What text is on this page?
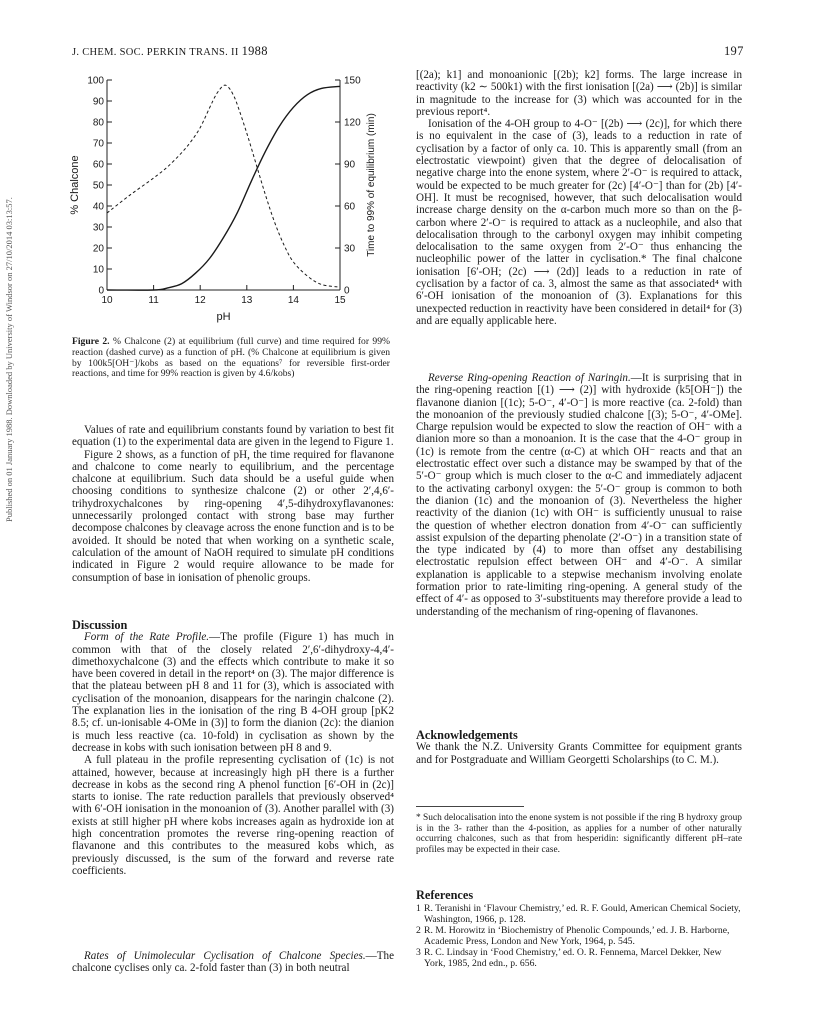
J. CHEM. SOC. PERKIN TRANS. II 1988	197
Published on 01 January 1988. Downloaded by University of Windsor on 27/10/2014 03:13:57.	0
10
20
30
40
50
60
70
80
90
100
0
30
60
90
120
150
10	11	12	13	14	15
% Chalcone	Time to 99% of equilibrium (min)
pH
Figure 2. % Chalcone (2) at equilibrium (full curve) and time required for 99% reaction (dashed curve) as a function of pH. (% Chalcone at equilibrium is given by 100k5[OH⁻]/kobs as based on the equations⁷ for reversible first-order reactions, and time for 99% reaction is given by 4.6/kobs)

Values of rate and equilibrium constants found by variation to best fit equation (1) to the experimental data are given in the legend to Figure 1.

Figure 2 shows, as a function of pH, the time required for flavanone and chalcone to come nearly to equilibrium, and the percentage chalcone at equilibrium. Such data should be a useful guide when choosing conditions to synthesize chalcone (2) or other 2′,4,6′-trihydroxychalcones by ring-opening 4′,5-dihydroxyflavanones: unnecessarily prolonged contact with strong base may further decompose chalcones by cleavage across the enone function and is to be avoided. It should be noted that when working on a synthetic scale, calculation of the amount of NaOH required to simulate pH conditions indicated in Figure 2 would require allowance to be made for consumption of base in ionisation of phenolic groups.

Discussion

Form of the Rate Profile.—The profile (Figure 1) has much in common with that of the closely related 2′,6′-dihydroxy-4,4′-dimethoxychalcone (3) and the effects which contribute to make it so have been covered in detail in the report⁴ on (3). The major difference is that the plateau between pH 8 and 11 for (3), which is associated with cyclisation of the monoanion, disappears for the naringin chalcone (2). The explanation lies in the ionisation of the ring B 4-OH group [pK2 8.5; cf. un-ionisable 4-OMe in (3)] to form the dianion (2c): the dianion is much less reactive (ca. 10-fold) in cyclisation as shown by the decrease in kobs with such ionisation between pH 8 and 9.

A full plateau in the profile representing cyclisation of (1c) is not attained, however, because at increasingly high pH there is a further decrease in kobs as the second ring A phenol function [6′-OH in (2c)] starts to ionise. The rate reduction parallels that previously observed⁴ with 6′-OH ionisation in the monoanion of (3). Another parallel with (3) exists at still higher pH where kobs increases again as hydroxide ion at high concentration promotes the reverse ring-opening reaction of flavanone and this contributes to the measured kobs which, as previously discussed, is the sum of the forward and reverse rate coefficients.

Rates of Unimolecular Cyclisation of Chalcone Species.—The chalcone cyclises only ca. 2-fold faster than (3) in both neutral

[(2a); k1] and monoanionic [(2b); k2] forms. The large increase in reactivity (k2 ∼ 500k1) with the first ionisation [(2a) ⟶ (2b)] is similar in magnitude to the increase for (3) which was accounted for in the previous report⁴.

Ionisation of the 4-OH group to 4-O⁻ [(2b) ⟶ (2c)], for which there is no equivalent in the case of (3), leads to a reduction in rate of cyclisation by a factor of only ca. 10. This is apparently small (from an electrostatic viewpoint) given that the degree of delocalisation of negative charge into the enone system, where 2′-O⁻ is required to attack, would be expected to be much greater for (2c) [4′-O⁻] than for (2b) [4′-OH]. It must be recognised, however, that such delocalisation would increase charge density on the α-carbon much more so than on the β-carbon where 2′-O⁻ is required to attack as a nucleophile, and also that delocalisation through to the carbonyl oxygen may inhibit competing delocalisation to the same oxygen from 2′-O⁻ thus enhancing the nucleophilic power of the latter in cyclisation.* The final chalcone ionisation [6′-OH; (2c) ⟶ (2d)] leads to a reduction in rate of cyclisation by a factor of ca. 3, almost the same as that associated⁴ with 6′-OH ionisation of the monoanion of (3). Explanations for this unexpected reduction in reactivity have been considered in detail⁴ for (3) and are equally applicable here.

Reverse Ring-opening Reaction of Naringin.—It is surprising that in the ring-opening reaction [(1) ⟶ (2)] with hydroxide (k5[OH⁻]) the flavanone dianion [(1c); 5-O⁻, 4′-O⁻] is more reactive (ca. 2-fold) than the monoanion of the previously studied chalcone [(3); 5-O⁻, 4′-OMe]. Charge repulsion would be expected to slow the reaction of OH⁻ with a dianion more so than a monoanion. It is the case that the 4-O⁻ group in (1c) is remote from the centre (α-C) at which OH⁻ reacts and that an electrostatic effect over such a distance may be swamped by that of the 5′-O⁻ group which is much closer to the α-C and immediately adjacent to the activating carbonyl oxygen: the 5′-O⁻ group is common to both the dianion (1c) and the monoanion of (3). Nevertheless the higher reactivity of the dianion (1c) with OH⁻ is sufficiently unusual to raise the question of whether electron donation from 4′-O⁻ can sufficiently assist expulsion of the departing phenolate (2′-O⁻) in a transition state of the type indicated by (4) to more than offset any destabilising electrostatic repulsion effect between OH⁻ and 4′-O⁻. A similar explanation is applicable to a stepwise mechanism involving enolate formation prior to rate-limiting ring-opening. A general study of the effect of 4′- as opposed to 3′-substituents may therefore provide a lead to understanding of the mechanism of ring-opening of flavanones.

Acknowledgements

We thank the N.Z. University Grants Committee for equipment grants and for Postgraduate and William Georgetti Scholarships (to C. M.).

* Such delocalisation into the enone system is not possible if the ring B hydroxy group is in the 3- rather than the 4-position, as applies for a number of other naturally occurring chalcones, such as that from hesperidin: significantly different pH–rate profiles may be expected in their case.
References
1 R. Teranishi in ‘Flavour Chemistry,’ ed. R. F. Gould, American Chemical Society, Washington, 1966, p. 128.
2 R. M. Horowitz in ‘Biochemistry of Phenolic Compounds,’ ed. J. B. Harborne, Academic Press, London and New York, 1964, p. 545.
3 R. C. Lindsay in ‘Food Chemistry,’ ed. O. R. Fennema, Marcel Dekker, New York, 1985, 2nd edn., p. 656.
